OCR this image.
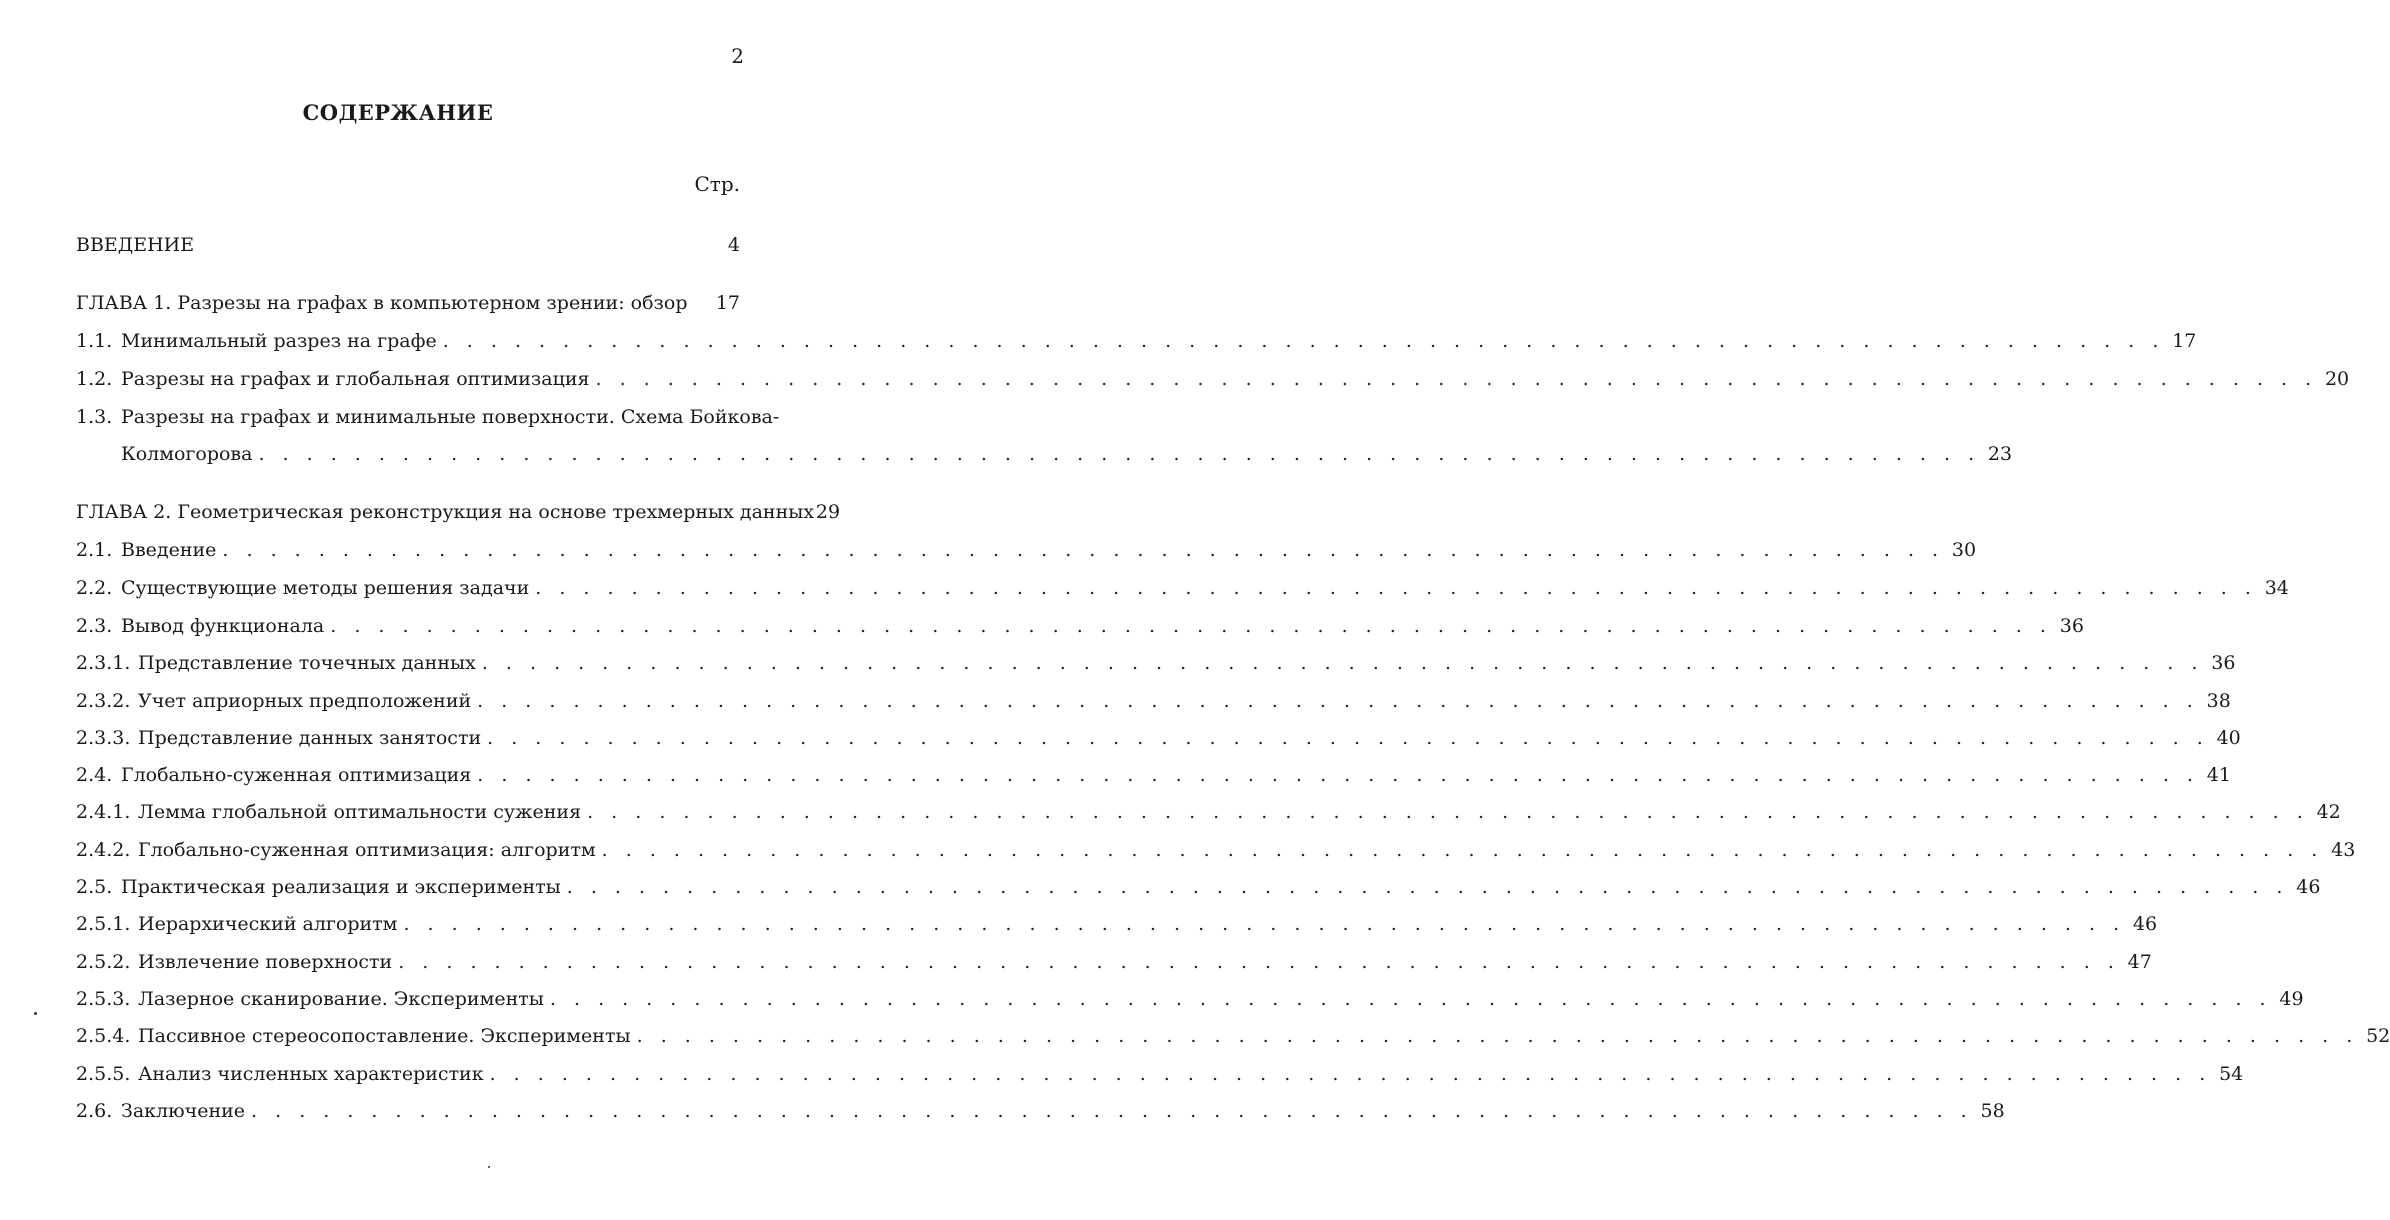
2
СОДЕРЖАНИЕ
Стр.
ВВЕДЕНИЕ	4
ГЛАВА 1. Разрезы на графах в компьютерном зрении: обзор 17
1.1. Минимальный разрез на графе . . .	17
1.2. Разрезы на графах и глобальная оптимизация . . .	20
1.3. Разрезы на графах и минимальные поверхности. Схема Бойкова-
Колмогорова . . .	23
ГЛАВА 2. Геометрическая реконструкция на основе трехмерных данных 29
2.1. Введение . . .	30
2.2. Существующие методы решения задачи . . .	34
2.3. Вывод функционала . . .	36
2.3.1. Представление точечных данных . . .	36
2.3.2. Учет априорных предположений . . .	38
2.3.3. Представление данных занятости . . .	40
2.4. Глобально-суженная оптимизация . . .	41
2.4.1. Лемма глобальной оптимальности сужения . . .	42
2.4.2. Глобально-суженная оптимизация: алгоритм . . .	43
2.5. Практическая реализация и эксперименты . . .	46
2.5.1. Иерархический алгоритм . . .	46
2.5.2. Извлечение поверхности . . .	47
2.5.3. Лазерное сканирование. Эксперименты . . .	49
2.5.4. Пассивное стереосопоставление. Эксперименты . . .	52
2.5.5. Анализ численных характеристик . . .	54
2.6. Заключение . . .	58
